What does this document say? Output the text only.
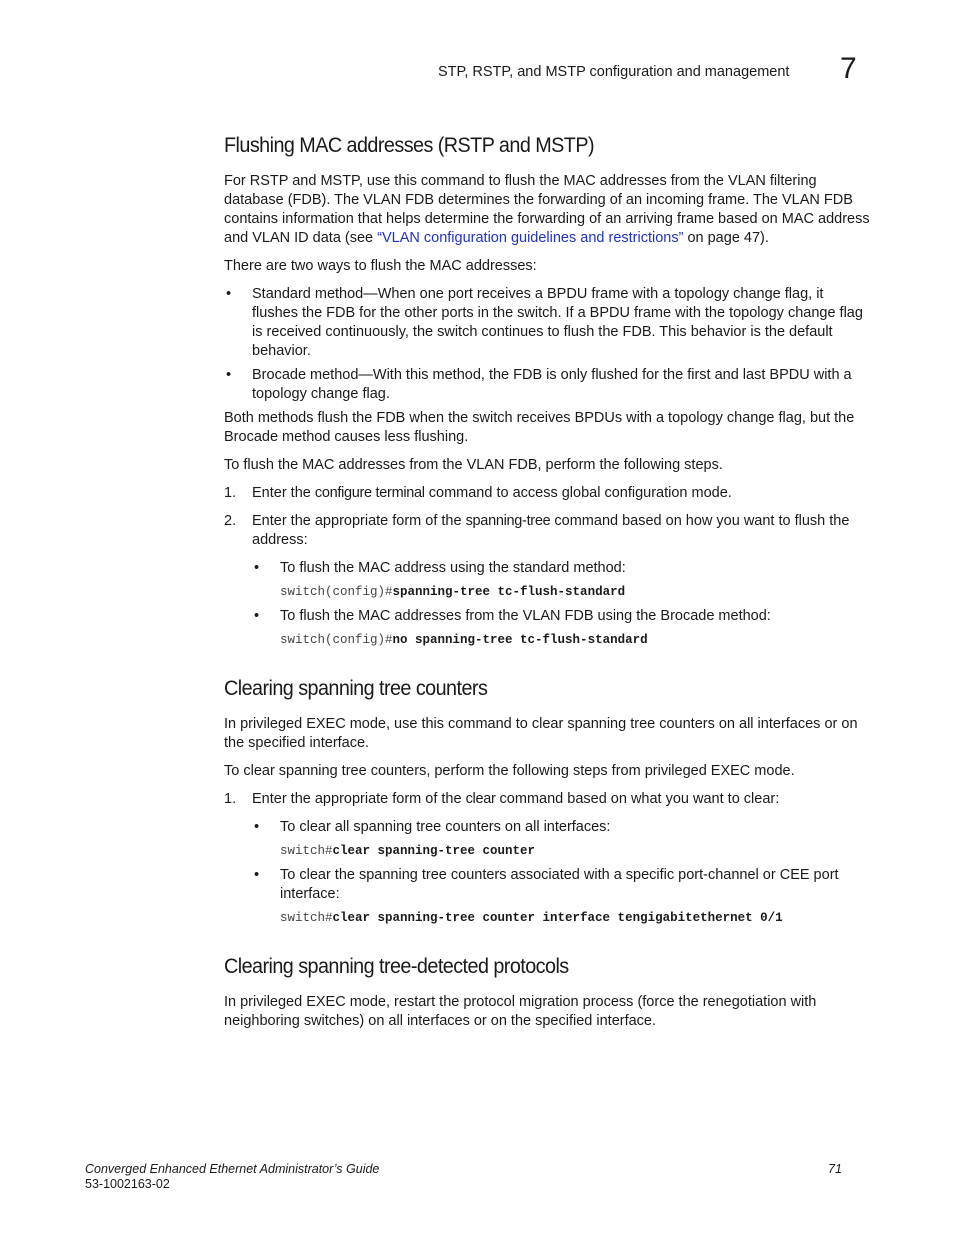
STP, RSTP, and MSTP configuration and management 7
Flushing MAC addresses (RSTP and MSTP)

For RSTP and MSTP, use this command to flush the MAC addresses from the VLAN filtering database (FDB). The VLAN FDB determines the forwarding of an incoming frame. The VLAN FDB contains information that helps determine the forwarding of an arriving frame based on MAC address and VLAN ID data (see “VLAN configuration guidelines and restrictions” on page 47).

There are two ways to flush the MAC addresses:

• Standard method—When one port receives a BPDU frame with a topology change flag, it flushes the FDB for the other ports in the switch. If a BPDU frame with the topology change flag is received continuously, the switch continues to flush the FDB. This behavior is the default behavior.
• Brocade method—With this method, the FDB is only flushed for the first and last BPDU with a topology change flag.

Both methods flush the FDB when the switch receives BPDUs with a topology change flag, but the Brocade method causes less flushing.

To flush the MAC addresses from the VLAN FDB, perform the following steps.

1. Enter the configure terminal command to access global configuration mode.
2. Enter the appropriate form of the spanning-tree command based on how you want to flush the address:
• To flush the MAC address using the standard method:
switch(config)#spanning-tree tc-flush-standard
• To flush the MAC addresses from the VLAN FDB using the Brocade method:
switch(config)#no spanning-tree tc-flush-standard
Clearing spanning tree counters

In privileged EXEC mode, use this command to clear spanning tree counters on all interfaces or on the specified interface.

To clear spanning tree counters, perform the following steps from privileged EXEC mode.

1. Enter the appropriate form of the clear command based on what you want to clear:
• To clear all spanning tree counters on all interfaces:
switch#clear spanning-tree counter
• To clear the spanning tree counters associated with a specific port-channel or CEE port interface:
switch#clear spanning-tree counter interface tengigabitethernet 0/1
Clearing spanning tree-detected protocols

In privileged EXEC mode, restart the protocol migration process (force the renegotiation with neighboring switches) on all interfaces or on the specified interface.

Converged Enhanced Ethernet Administrator’s Guide
53-1002163-02
71
